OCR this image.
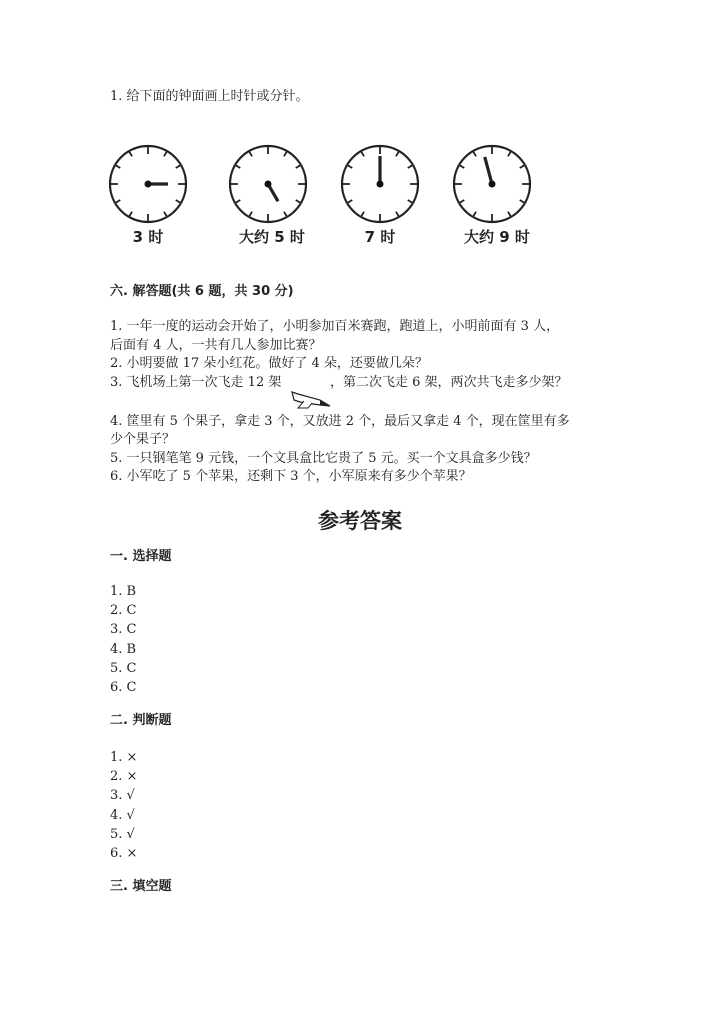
1. 给下面的钟面画上时针或分针。
3 时	大约 5 时	7 时	大约 9 时
六. 解答题(共 6 题，共 30 分)
1. 一年一度的运动会开始了，小明参加百米赛跑，跑道上，小明前面有 3 人，
后面有 4 人，一共有几人参加比赛？
2. 小明要做 17 朵小红花。做好了 4 朵，还要做几朵？
3. 飞机场上第一次飞走 12 架	，第二次飞走 6 架，两次共飞走多少架？
4. 筐里有 5 个果子，拿走 3 个，又放进 2 个，最后又拿走 4 个，现在筐里有多
少个果子？
5. 一只钢笔笔 9 元钱，一个文具盒比它贵了 5 元。买一个文具盒多少钱？
6. 小军吃了 5 个苹果，还剩下 3 个，小军原来有多少个苹果？
参考答案
一. 选择题
1. B
2. C
3. C
4. B
5. C
6. C
二. 判断题
1. ×
2. ×
3. √
4. √
5. √
6. ×
三. 填空题
